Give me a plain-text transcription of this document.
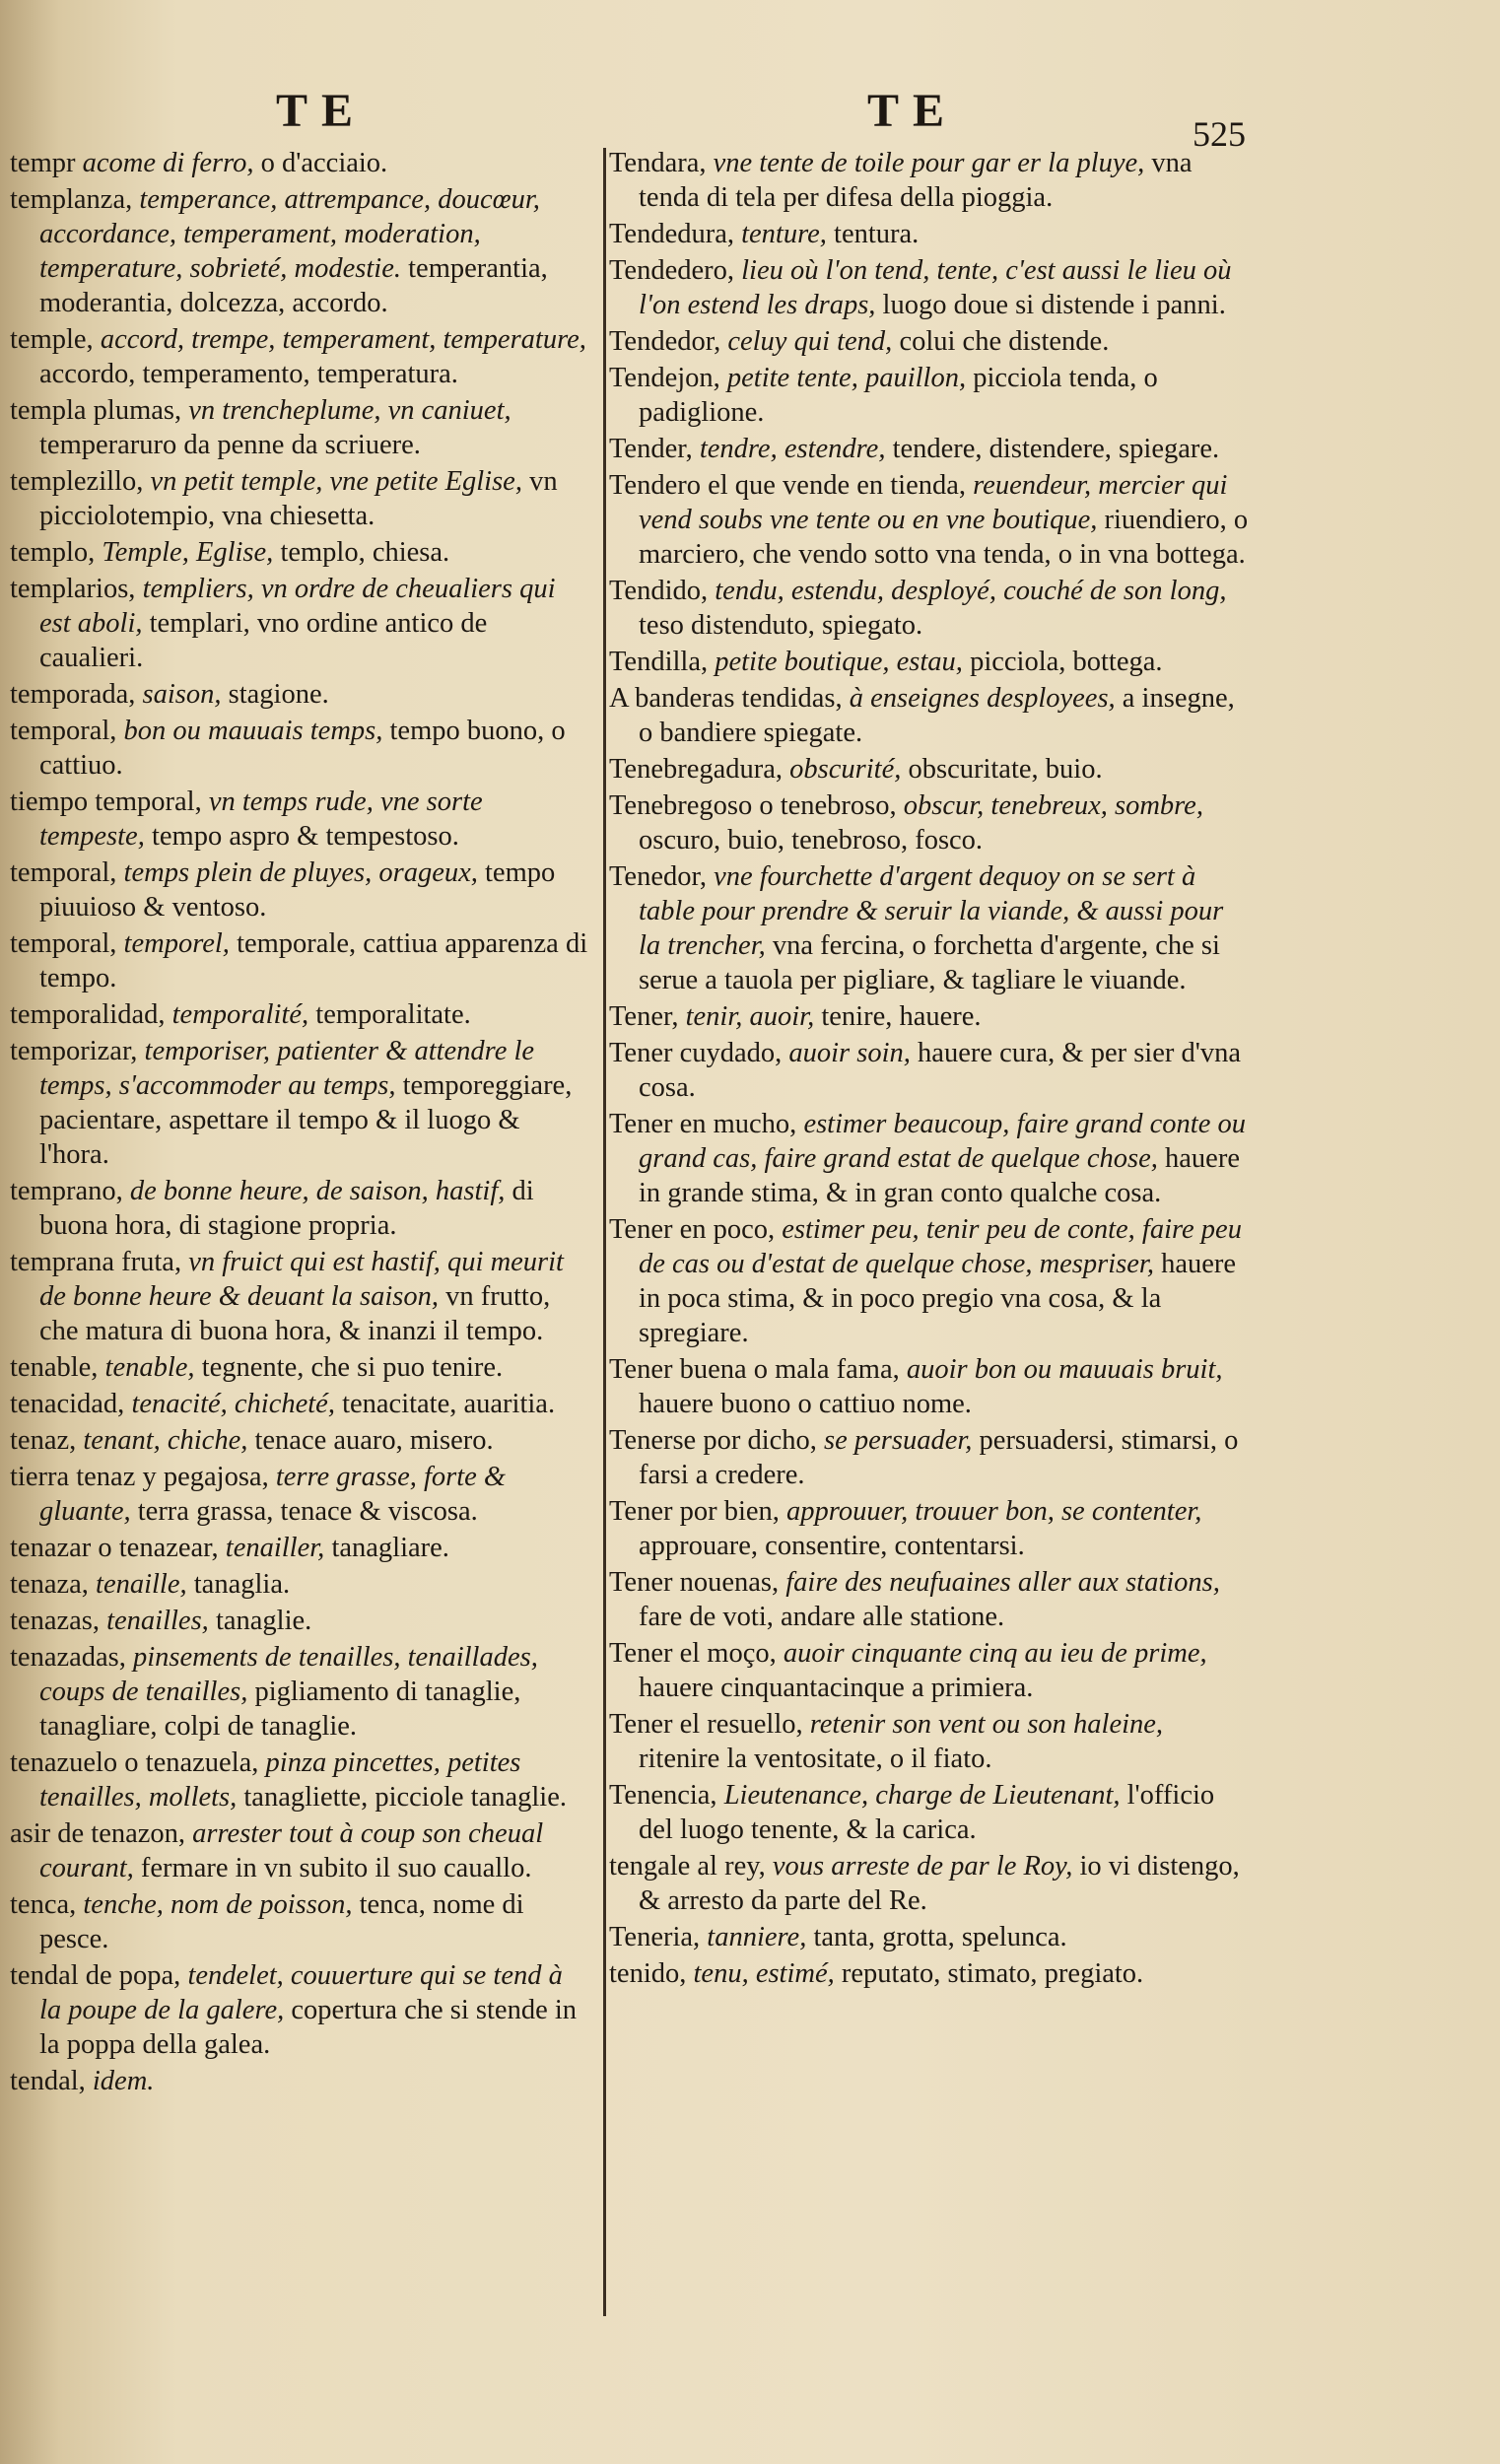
TE	TE	525
tempr acome di ferro, o d'acciaio.
templanza, temperance, attrempance, doucœur, accordance, temperament, moderation, temperature, sobrieté, modestie. temperantia, moderantia, dolcezza, accordo.
temple, accord, trempe, temperament, temperature, accordo, temperamento, temperatura.
templa plumas, vn trencheplume, vn caniuet, temperaruro da penne da scriuere.
templezillo, vn petit temple, vne petite Eglise, vn picciolotempio, vna chiesetta.
templo, Temple, Eglise, templo, chiesa.
templarios, templiers, vn ordre de cheualiers qui est aboli, templari, vno ordine antico de caualieri.
temporada, saison, stagione.
temporal, bon ou mauuais temps, tempo buono, o cattiuo.
tiempo temporal, vn temps rude, vne sorte tempeste, tempo aspro & tempestoso.
temporal, temps plein de pluyes, orageux, tempo piuuioso & ventoso.
temporal, temporel, temporale, cattiua apparenza di tempo.
temporalidad, temporalité, temporalitate.
temporizar, temporiser, patienter & attendre le temps, s'accommoder au temps, temporeggiare, pacientare, aspettare il tempo & il luogo & l'hora.
temprano, de bonne heure, de saison, hastif, di buona hora, di stagione propria.
temprana fruta, vn fruict qui est hastif, qui meurit de bonne heure & deuant la saison, vn frutto, che matura di buona hora, & inanzi il tempo.
tenable, tenable, tegnente, che si puo tenire.
tenacidad, tenacité, chicheté, tenacitate, auaritia.
tenaz, tenant, chiche, tenace auaro, misero.
tierra tenaz y pegajosa, terre grasse, forte & gluante, terra grassa, tenace & viscosa.
tenazar o tenazear, tenailler, tanagliare.
tenaza, tenaille, tanaglia.
tenazas, tenailles, tanaglie.
tenazadas, pinsements de tenailles, tenaillades, coups de tenailles, pigliamento di tanaglie, tanagliare, colpi de tanaglie.
tenazuelo o tenazuela, pinza pincettes, petites tenailles, mollets, tanagliette, picciole tanaglie.
asir de tenazon, arrester tout à coup son cheual courant, fermare in vn subito il suo cauallo.
tenca, tenche, nom de poisson, tenca, nome di pesce.
tendal de popa, tendelet, couuerture qui se tend à la poupe de la galere, copertura che si stende in la poppa della galea.
tendal, idem.
Tendara, vne tente de toile pour gar er la pluye, vna tenda di tela per difesa della pioggia.
Tendedura, tenture, tentura.
Tendedero, lieu où l'on tend, tente, c'est aussi le lieu où l'on estend les draps, luogo doue si distende i panni.
Tendedor, celuy qui tend, colui che distende.
Tendejon, petite tente, pauillon, picciola tenda, o padiglione.
Tender, tendre, estendre, tendere, distendere, spiegare.
Tendero el que vende en tienda, reuendeur, mercier qui vend soubs vne tente ou en vne boutique, riuendiero, o marciero, che vendo sotto vna tenda, o in vna bottega.
Tendido, tendu, estendu, desployé, couché de son long, teso distenduto, spiegato.
Tendilla, petite boutique, estau, picciola, bottega.
A banderas tendidas, à enseignes desployees, a insegne, o bandiere spiegate.
Tenebregadura, obscurité, obscuritate, buio.
Tenebregoso o tenebroso, obscur, tenebreux, sombre, oscuro, buio, tenebroso, fosco.
Tenedor, vne fourchette d'argent dequoy on se sert à table pour prendre & seruir la viande, & aussi pour la trencher, vna fercina, o forchetta d'argente, che si serue a tauola per pigliare, & tagliare le viuande.
Tener, tenir, auoir, tenire, hauere.
Tener cuydado, auoir soin, hauere cura, & per sier d'vna cosa.
Tener en mucho, estimer beaucoup, faire grand conte ou grand cas, faire grand estat de quelque chose, hauere in grande stima, & in gran conto qualche cosa.
Tener en poco, estimer peu, tenir peu de conte, faire peu de cas ou d'estat de quelque chose, mespriser, hauere in poca stima, & in poco pregio vna cosa, & la spregiare.
Tener buena o mala fama, auoir bon ou mauuais bruit, hauere buono o cattiuo nome.
Tenerse por dicho, se persuader, persuadersi, stimarsi, o farsi a credere.
Tener por bien, approuuer, trouuer bon, se contenter, approuare, consentire, contentarsi.
Tener nouenas, faire des neufuaines aller aux stations, fare de voti, andare alle statione.
Tener el moço, auoir cinquante cinq au ieu de prime, hauere cinquantacinque a primiera.
Tener el resuello, retenir son vent ou son haleine, ritenire la ventositate, o il fiato.
Tenencia, Lieutenance, charge de Lieutenant, l'officio del luogo tenente, & la carica.
tengale al rey, vous arreste de par le Roy, io vi distengo, & arresto da parte del Re.
Teneria, tanniere, tanta, grotta, spelunca.
tenido, tenu, estimé, reputato, stimato, pregiato.
